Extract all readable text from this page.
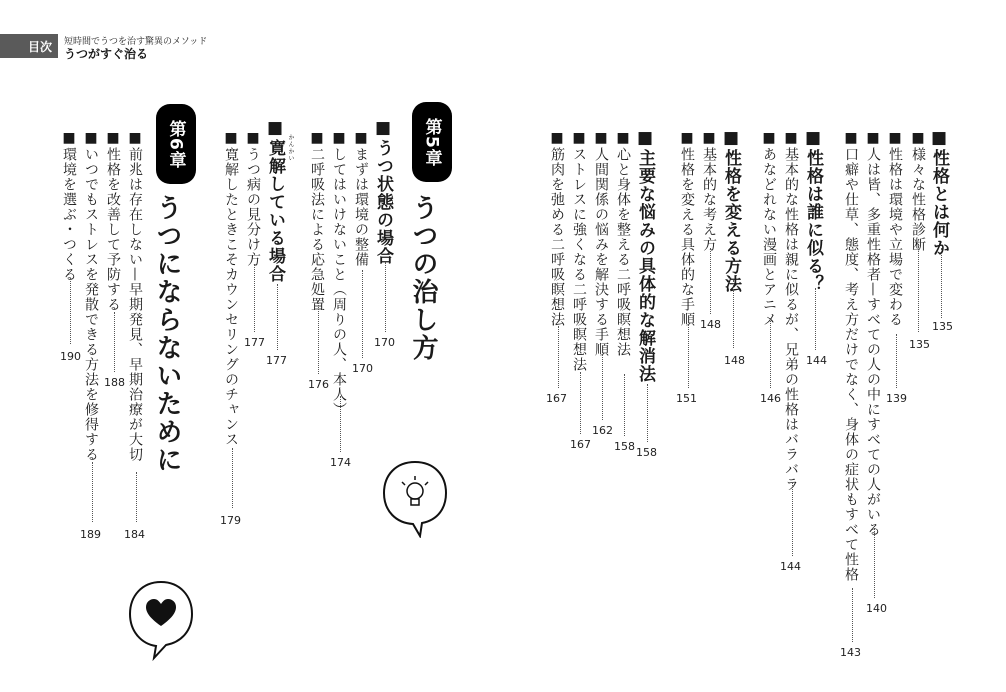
目次	短時間でうつを治す驚異のメソッド
うつがすぐ治る
■性格とは何か
135
■様々な性格診断
135
■性格は環境や立場で変わる
139
■人は皆、多重性格者—すべての人の中にすべての人がいる
140
■口癖や仕草、態度、考え方だけでなく、身体の症状もすべて性格
143
■性格は誰に似る？
144
■基本的な性格は親に似るが、兄弟の性格はバラバラ
144
■あなどれない漫画とアニメ
146
■性格を変える方法
148
■基本的な考え方
148
■性格を変える具体的な手順
151
■主要な悩みの具体的な解消法
158
■心と身体を整える二呼吸瞑想法
158
■人間関係の悩みを解決する手順
162
■ストレスに強くなる二呼吸瞑想法
167
■筋肉を弛める二呼吸瞑想法
167
第5章
うつの治し方
■うつ状態の場合
170
■まずは環境の整備
170
■してはいけないこと（周りの人、本人）
174
■二呼吸法による応急処置
176
かんかい
■寛解している場合
177
■うつ病の見分け方
177
■寛解したときこそカウンセリングのチャンス
179
第6章
うつにならないために
■前兆は存在しない—早期発見、早期治療が大切
184
■性格を改善して予防する
188
■いつでもストレスを発散できる方法を修得する
189
■環境を選ぶ・つくる
190
